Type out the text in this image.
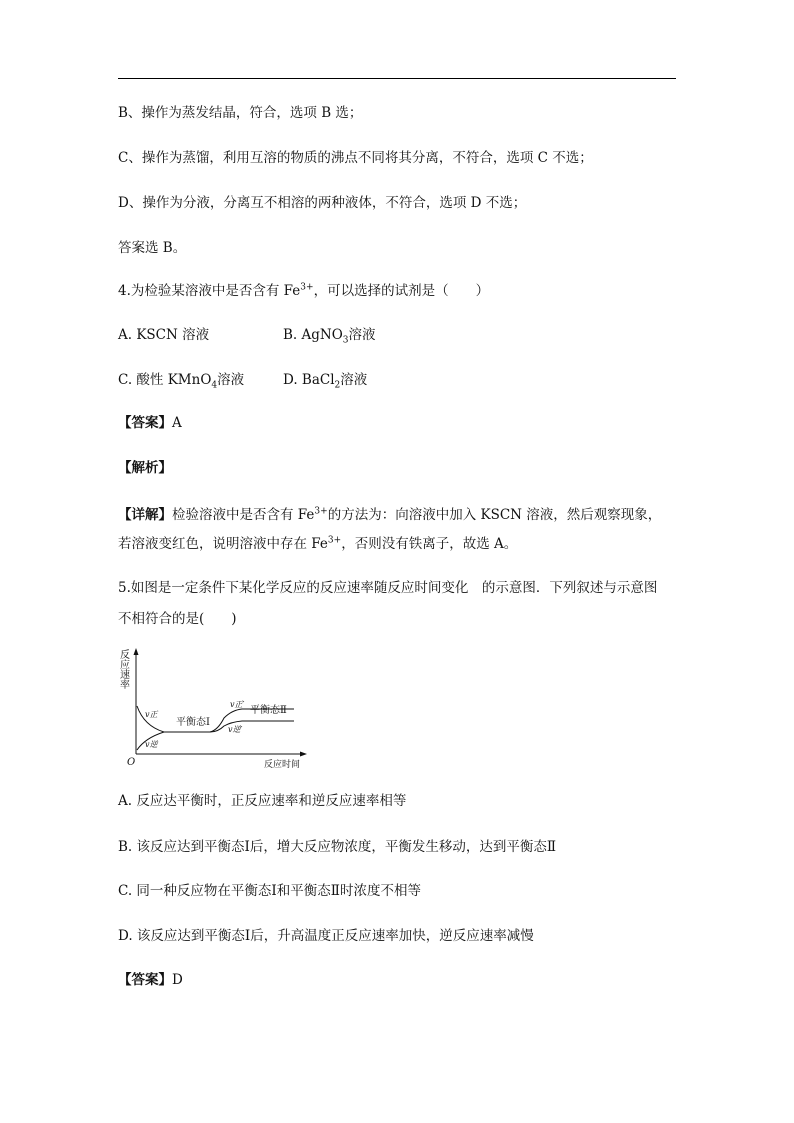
B、操作为蒸发结晶，符合，选项 B 选；
C、操作为蒸馏，利用互溶的物质的沸点不同将其分离，不符合，选项 C 不选；
D、操作为分液，分离互不相溶的两种液体，不符合，选项 D 不选；
答案选 B。
4.为检验某溶液中是否含有 $Fe^{3+}$，可以选择的试剂是（　　）
A. KSCN 溶液	B. AgNO$_3$溶液
C. 酸性 KMnO$_4$溶液	D. BaCl$_2$溶液
【答案】A
【解析】
【详解】检验溶液中是否含有 $Fe^{3+}$的方法为：向溶液中加入 KSCN 溶液，然后观察现象，
若溶液变红色，说明溶液中存在 $Fe^{3+}$，否则没有铁离子，故选 A。
5.如图是一定条件下某化学反应的反应速率随反应时间变化　的示意图．下列叙述与示意图
不相符合的是(　　)
反
应
速
率
O	反应时间
v正
v逆
平衡态Ⅰ
v正′
平衡态Ⅱ
v逆′
A. 反应达平衡时，正反应速率和逆反应速率相等
B. 该反应达到平衡态Ⅰ后，增大反应物浓度，平衡发生移动，达到平衡态Ⅱ
C. 同一种反应物在平衡态Ⅰ和平衡态Ⅱ时浓度不相等
D. 该反应达到平衡态Ⅰ后，升高温度正反应速率加快，逆反应速率减慢
【答案】D
